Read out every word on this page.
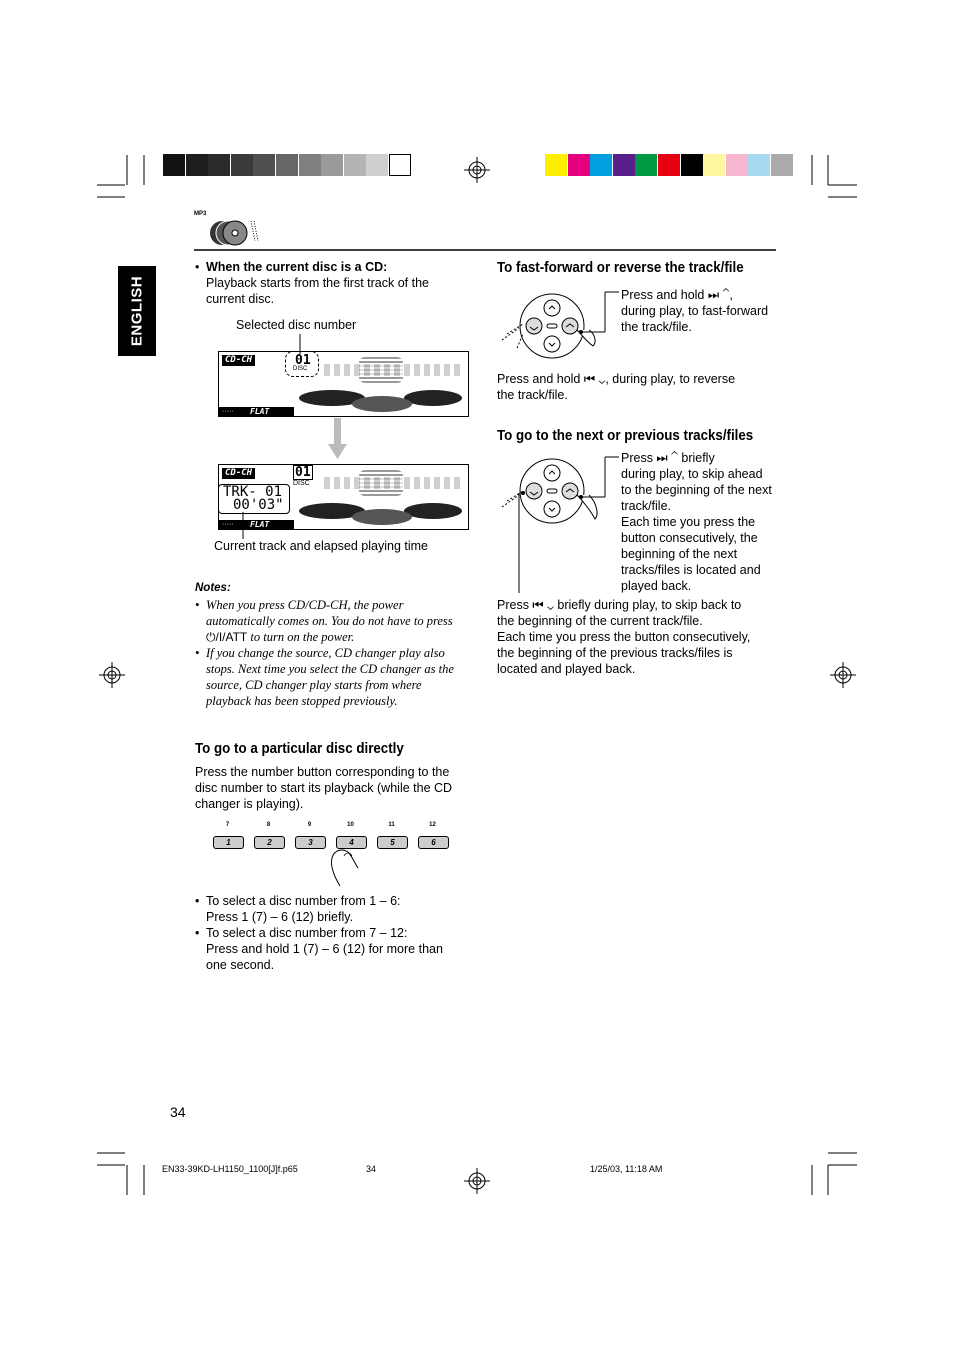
ENGLISH
MP3
• When the current disc is a CD:
Playback starts from the first track of the
current disc.
Selected disc number
CD-CH	01
DISC
·····	FLAT
CD-CH	01
DISC
TRK- 01
00'03"
·····	FLAT
Current track and elapsed playing time
Notes:
• When you press CD/CD-CH, the power
automatically comes on. You do not have to press
⏻/I/ATT to turn on the power.
• If you change the source, CD changer play also
stops. Next time you select the CD changer as the
source, CD changer play starts from where
playback has been stopped previously.
To go to a particular disc directly
Press the number button corresponding to the
disc number to start its playback (while the CD
changer is playing).
7	8	9	10	11	12
1	2	3	4	5	6
• To select a disc number from 1 – 6:
Press 1 (7) – 6 (12) briefly.
• To select a disc number from 7 – 12:
Press and hold 1 (7) – 6 (12) for more than
one second.
To fast-forward or reverse the track/file
Press and hold ⏭ ⌃,
during play, to fast-forward
the track/file.
Press and hold ⏮ ⌄, during play, to reverse
the track/file.
To go to the next or previous tracks/files
Press ⏭ ⌃ briefly
during play, to skip ahead
to the beginning of the next
track/file.
Each time you press the
button consecutively, the
beginning of the next
tracks/files is located and
played back.
Press ⏮ ⌄ briefly during play, to skip back to
the beginning of the current track/file.
Each time you press the button consecutively,
the beginning of the previous tracks/files is
located and played back.
34
EN33-39KD-LH1150_1100[J]f.p65	34	1/25/03, 11:18 AM
